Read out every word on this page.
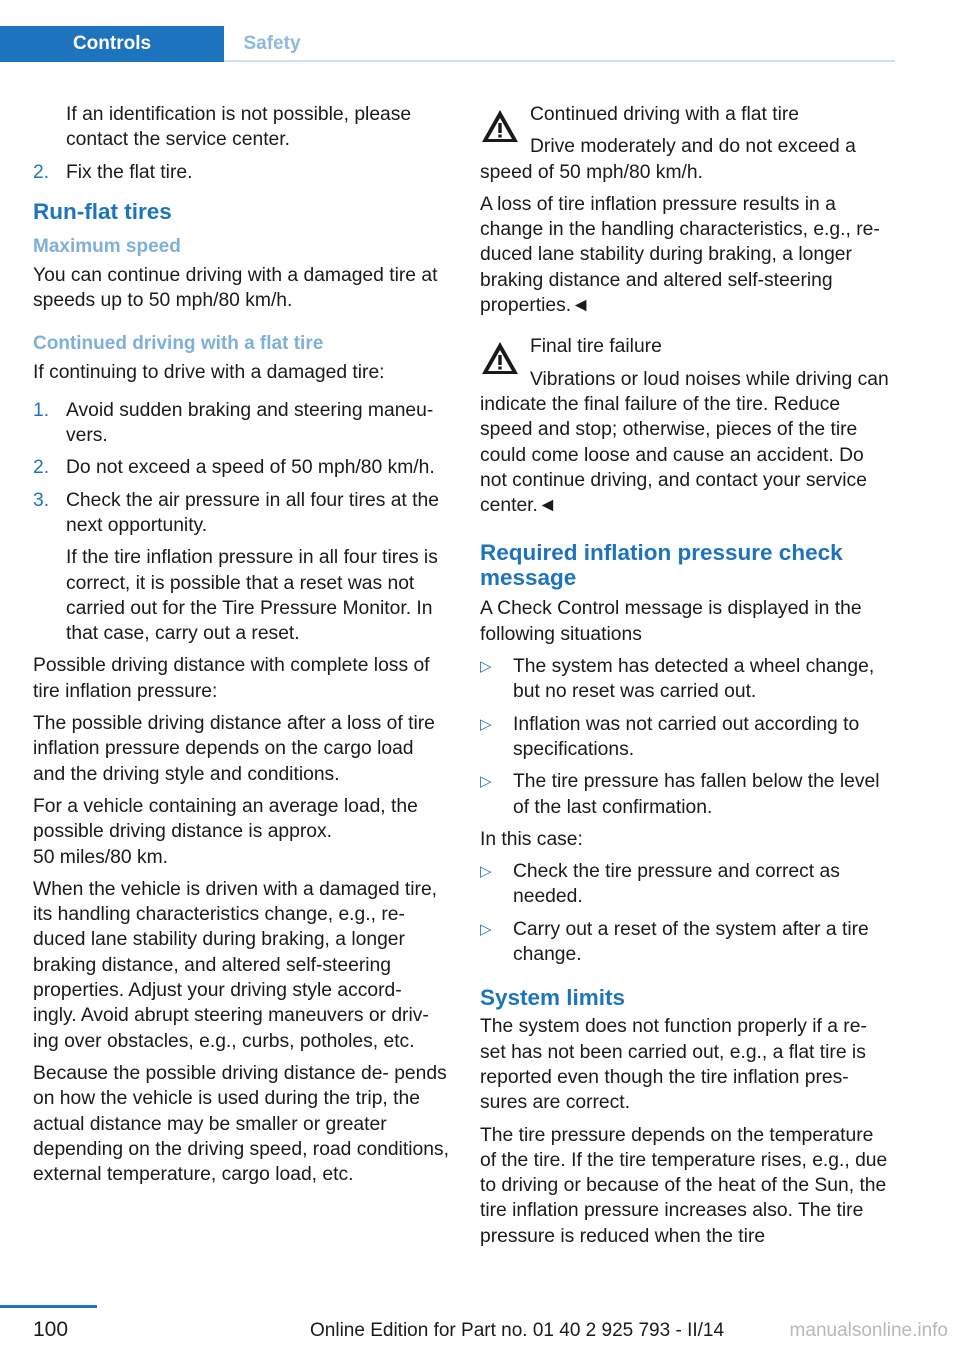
Controls	Safety

If an identification is not possible, please contact the service center.

2. Fix the flat tire.
Run-flat tires
Maximum speed

You can continue driving with a damaged tire at speeds up to 50 mph/80 km/h.

Continued driving with a flat tire

If continuing to drive with a damaged tire:

1. Avoid sudden braking and steering maneu‐ vers.
2. Do not exceed a speed of 50 mph/80 km/h.
3. Check the air pressure in all four tires at the next opportunity.

If the tire inflation pressure in all four tires is correct, it is possible that a reset was not carried out for the Tire Pressure Monitor. In that case, carry out a reset.

Possible driving distance with complete loss of tire inflation pressure:

The possible driving distance after a loss of tire inflation pressure depends on the cargo load and the driving style and conditions.

For a vehicle containing an average load, the possible driving distance is approx.
50 miles/80 km.

When the vehicle is driven with a damaged tire, its handling characteristics change, e.g., re‐ duced lane stability during braking, a longer braking distance, and altered self-steering properties. Adjust your driving style accord‐ ingly. Avoid abrupt steering maneuvers or driv‐ ing over obstacles, e.g., curbs, potholes, etc.

Because the possible driving distance de‐ pends on how the vehicle is used during the trip, the actual distance may be smaller or greater depending on the driving speed, road conditions, external temperature, cargo load, etc.

Continued driving with a flat tire

Drive moderately and do not exceed a speed of 50 mph/80 km/h.

A loss of tire inflation pressure results in a change in the handling characteristics, e.g., re‐ duced lane stability during braking, a longer braking distance and altered self-steering properties.◄

Final tire failure

Vibrations or loud noises while driving can indicate the final failure of the tire. Reduce speed and stop; otherwise, pieces of the tire could come loose and cause an accident. Do not continue driving, and contact your service center.◄

Required inflation pressure check message

A Check Control message is displayed in the following situations

▷	The system has detected a wheel change, but no reset was carried out.
▷	Inflation was not carried out according to specifications.
▷	The tire pressure has fallen below the level of the last confirmation.

In this case:

▷	Check the tire pressure and correct as needed.
▷	Carry out a reset of the system after a tire change.
System limits

The system does not function properly if a re‐ set has not been carried out, e.g., a flat tire is reported even though the tire inflation pres‐ sures are correct.

The tire pressure depends on the temperature of the tire. If the tire temperature rises, e.g., due to driving or because of the heat of the Sun, the tire inflation pressure increases also. The tire pressure is reduced when the tire

100	Online Edition for Part no. 01 40 2 925 793 - II/14	manualsonline.info
